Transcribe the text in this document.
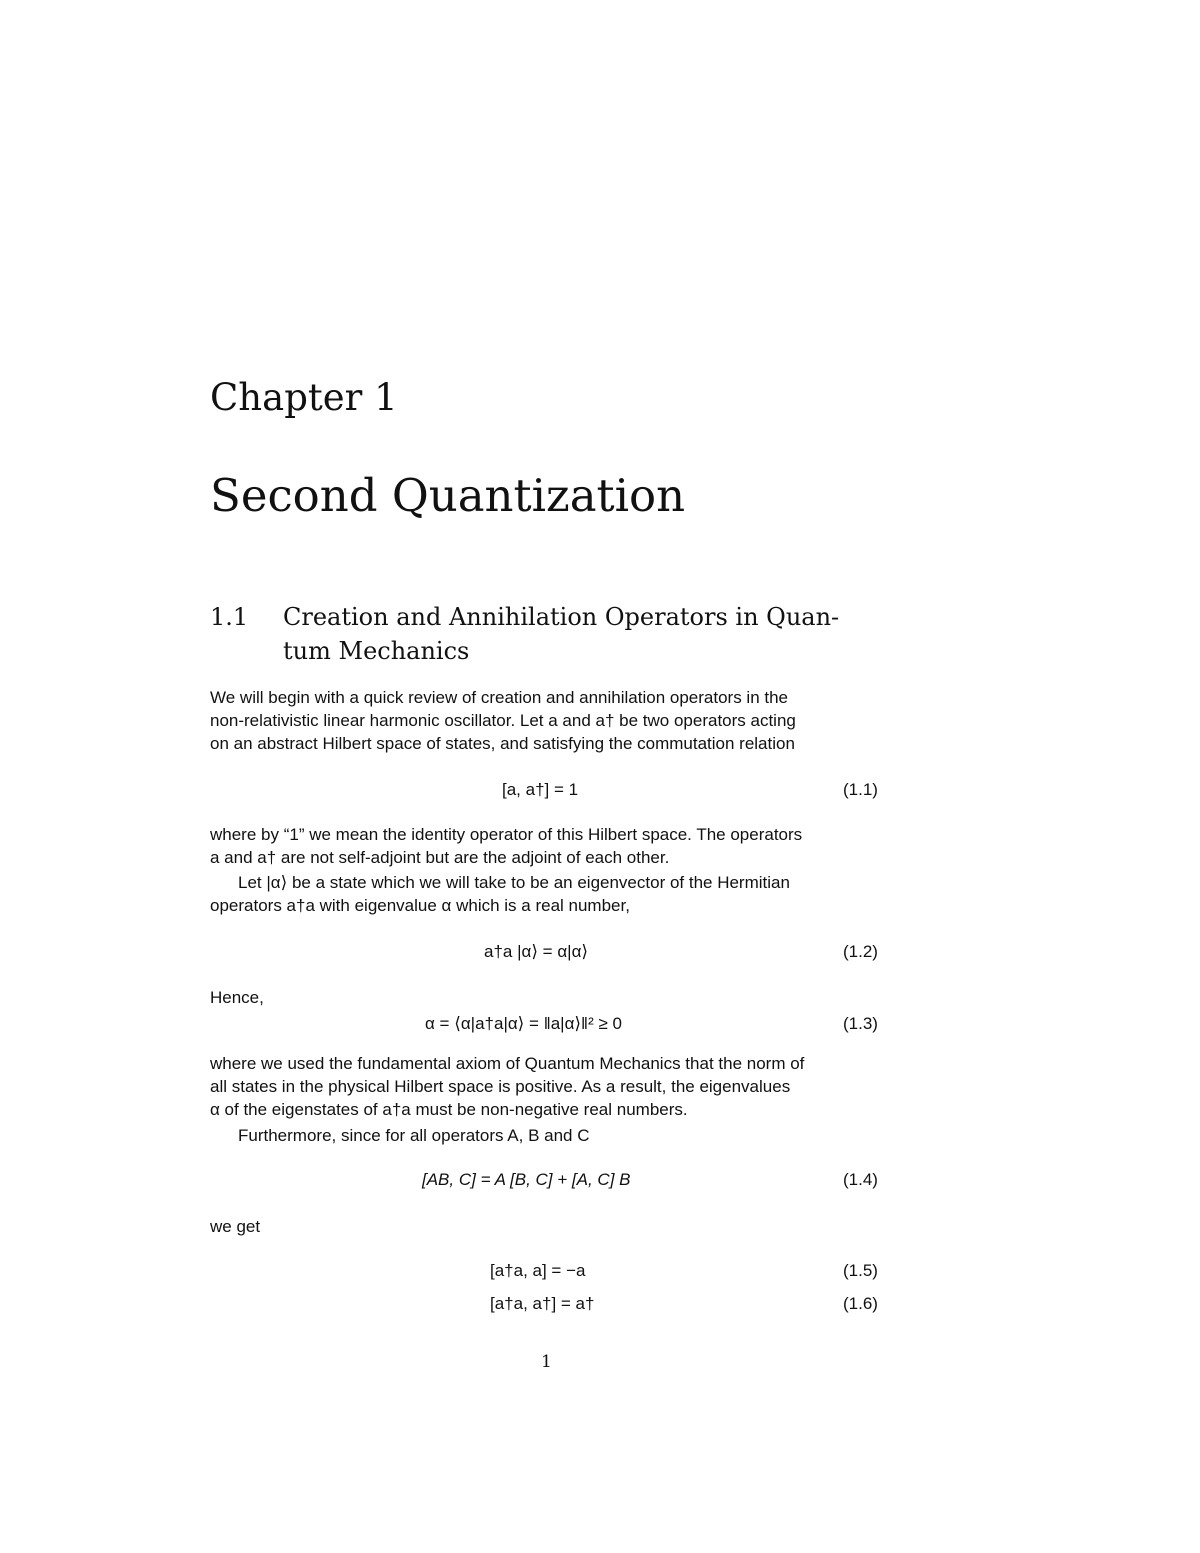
Chapter 1
Second Quantization
1.1 Creation and Annihilation Operators in Quan-
tum Mechanics
We will begin with a quick review of creation and annihilation operators in the
non-relativistic linear harmonic oscillator. Let a and a† be two operators acting
on an abstract Hilbert space of states, and satisfying the commutation relation
[a, a†] = 1	(1.1)
where by “1” we mean the identity operator of this Hilbert space. The operators
a and a† are not self-adjoint but are the adjoint of each other.
Let |α⟩ be a state which we will take to be an eigenvector of the Hermitian
operators a†a with eigenvalue α which is a real number,
a†a |α⟩ = α|α⟩	(1.2)
Hence,
α = ⟨α|a†a|α⟩ = ‖a|α⟩‖² ≥ 0	(1.3)
where we used the fundamental axiom of Quantum Mechanics that the norm of
all states in the physical Hilbert space is positive. As a result, the eigenvalues
α of the eigenstates of a†a must be non-negative real numbers.
Furthermore, since for all operators A, B and C
[AB, C] = A [B, C] + [A, C] B	(1.4)
we get
[a†a, a] = −a	(1.5)
[a†a, a†] = a†	(1.6)
1
